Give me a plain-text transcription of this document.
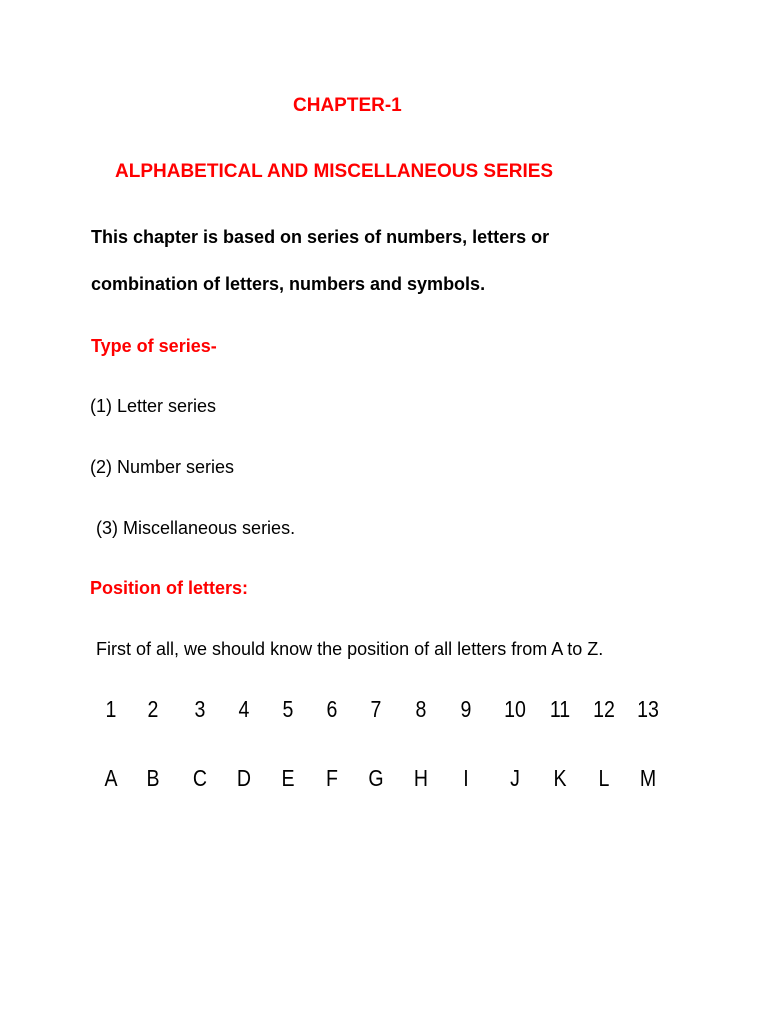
CHAPTER-1
ALPHABETICAL AND MISCELLANEOUS SERIES
This chapter is based on series of numbers, letters or
combination of letters, numbers and symbols.
Type of series-
(1) Letter series
(2) Number series
(3) Miscellaneous series.
Position of letters:
First of all, we should know the position of all letters from A to Z.
1	2	3	4	5	6	7	8	9	10 11 12 13
A	B	C	D	E	F	G	H	I	J	K	L	M
